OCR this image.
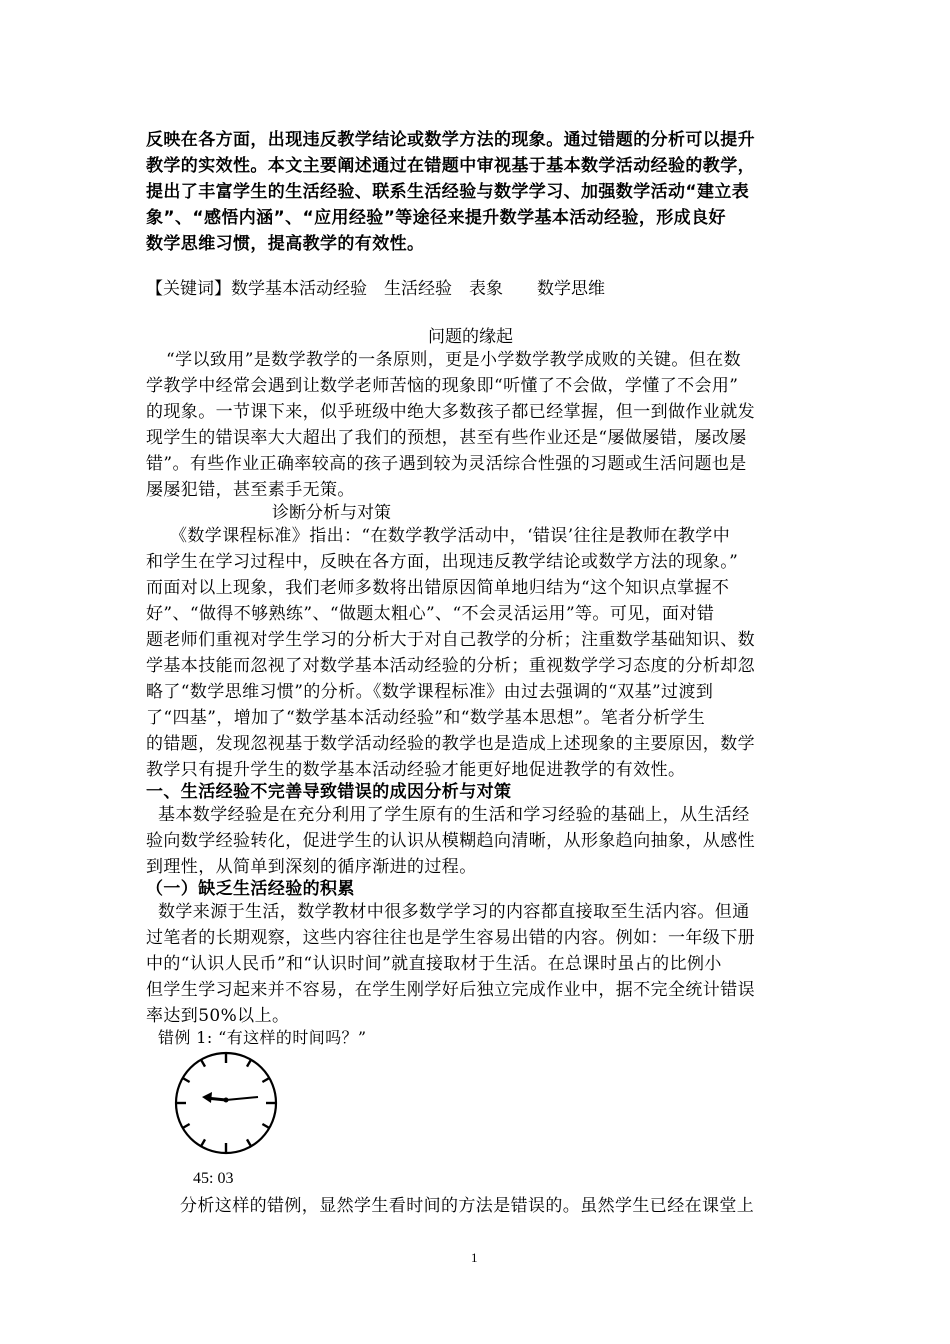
反映在各方面，出现违反教学结论或数学方法的现象。通过错题的分析可以提升
教学的实效性。本文主要阐述通过在错题中审视基于基本数学活动经验的教学，
提出了丰富学生的生活经验、联系生活经验与数学学习、加强数学活动“建立表
象”、“感悟内涵”、“应用经验”等途径来提升数学基本活动经验，形成良好
数学思维习惯，提高教学的有效性。
【关键词】数学基本活动经验　生活经验　表象　　数学思维
问题的缘起
“学以致用”是数学教学的一条原则，更是小学数学教学成败的关键。但在数
学教学中经常会遇到让数学老师苦恼的现象即“听懂了不会做，学懂了不会用”
的现象。一节课下来，似乎班级中绝大多数孩子都已经掌握，但一到做作业就发
现学生的错误率大大超出了我们的预想，甚至有些作业还是“屡做屡错，屡改屡
错”。有些作业正确率较高的孩子遇到较为灵活综合性强的习题或生活问题也是
屡屡犯错，甚至素手无策。
诊断分析与对策
《数学课程标准》指出：“在数学教学活动中，‘错误’往往是教师在教学中
和学生在学习过程中，反映在各方面，出现违反教学结论或数学方法的现象。”
而面对以上现象，我们老师多数将出错原因简单地归结为“这个知识点掌握不
好”、“做得不够熟练”、“做题太粗心”、“不会灵活运用”等。可见，面对错
题老师们重视对学生学习的分析大于对自己教学的分析；注重数学基础知识、数
学基本技能而忽视了对数学基本活动经验的分析；重视数学学习态度的分析却忽
略了“数学思维习惯”的分析。《数学课程标准》由过去强调的“双基”过渡到
了“四基”，增加了“数学基本活动经验”和“数学基本思想”。笔者分析学生
的错题，发现忽视基于数学活动经验的教学也是造成上述现象的主要原因，数学
教学只有提升学生的数学基本活动经验才能更好地促进教学的有效性。
一、生活经验不完善导致错误的成因分析与对策
基本数学经验是在充分利用了学生原有的生活和学习经验的基础上，从生活经
验向数学经验转化，促进学生的认识从模糊趋向清晰，从形象趋向抽象，从感性
到理性，从简单到深刻的循序渐进的过程。
（一）缺乏生活经验的积累
数学来源于生活，数学教材中很多数学学习的内容都直接取至生活内容。但通
过笔者的长期观察，这些内容往往也是学生容易出错的内容。例如：一年级下册
中的“认识人民币”和“认识时间”就直接取材于生活。在总课时虽占的比例小
但学生学习起来并不容易，在学生刚学好后独立完成作业中，据不完全统计错误
率达到50%以上。
错例 1: “有这样的时间吗？”
45: 03
分析这样的错例，显然学生看时间的方法是错误的。虽然学生已经在课堂上
1
